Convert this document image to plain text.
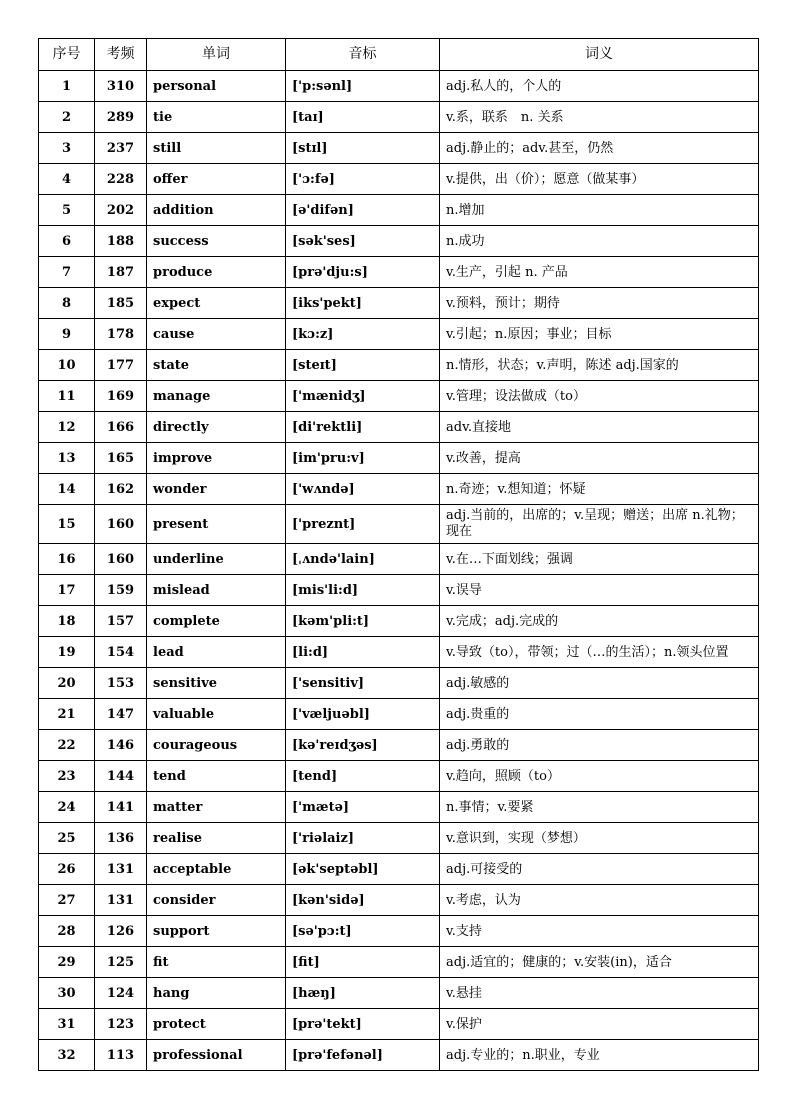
序号	考频	单词	音标	词义
1	310	personal	['p:sənl]	adj.私人的，个人的
2	289	tie	[taɪ]	v.系，联系　n. 关系
3	237	still	[stɪl]	adj.静止的；adv.甚至，仍然
4	228	offer	['ɔ:fə]	v.提供，出（价）；愿意（做某事）
5	202	addition	[ə'difən]	n.增加
6	188	success	[sək'ses]	n.成功
7	187	produce	[prə'dju:s]	v.生产，引起 n. 产品
8	185	expect	[iks'pekt]	v.预料，预计；期待
9	178	cause	[kɔ:z]	v.引起；n.原因；事业；目标
10	177	state	[steɪt]	n.情形，状态；v.声明，陈述 adj.国家的
11	169	manage	['mænidʒ]	v.管理；设法做成（to）
12	166	directly	[di'rektli]	adv.直接地
13	165	improve	[im'pru:v]	v.改善，提高
14	162	wonder	['wʌndə]	n.奇迹；v.想知道；怀疑
15	160	present	['preznt]	adj.当前的，出席的；v.呈现；赠送；出席 n.礼物；现在
16	160	underline	[ˌʌndə'lain]	v.在…下面划线；强调
17	159	mislead	[mis'li:d]	v.误导
18	157	complete	[kəm'pli:t]	v.完成；adj.完成的
19	154	lead	[li:d]	v.导致（to），带领；过（…的生活）；n.领头位置
20	153	sensitive	['sensitiv]	adj.敏感的
21	147	valuable	['væljuəbl]	adj.贵重的
22	146	courageous	[kə'reɪdʒəs]	adj.勇敢的
23	144	tend	[tend]	v.趋向，照顾（to）
24	141	matter	['mætə]	n.事情；v.要紧
25	136	realise	['riəlaiz]	v.意识到，实现（梦想）
26	131	acceptable	[ək'septəbl]	adj.可接受的
27	131	consider	[kən'sidə]	v.考虑，认为
28	126	support	[sə'pɔ:t]	v.支持
29	125	fit	[fit]	adj.适宜的；健康的；v.安装(in)，适合
30	124	hang	[hæŋ]	v.悬挂
31	123	protect	[prə'tekt]	v.保护
32	113	professional	[prə'fefənəl]	adj.专业的；n.职业，专业
